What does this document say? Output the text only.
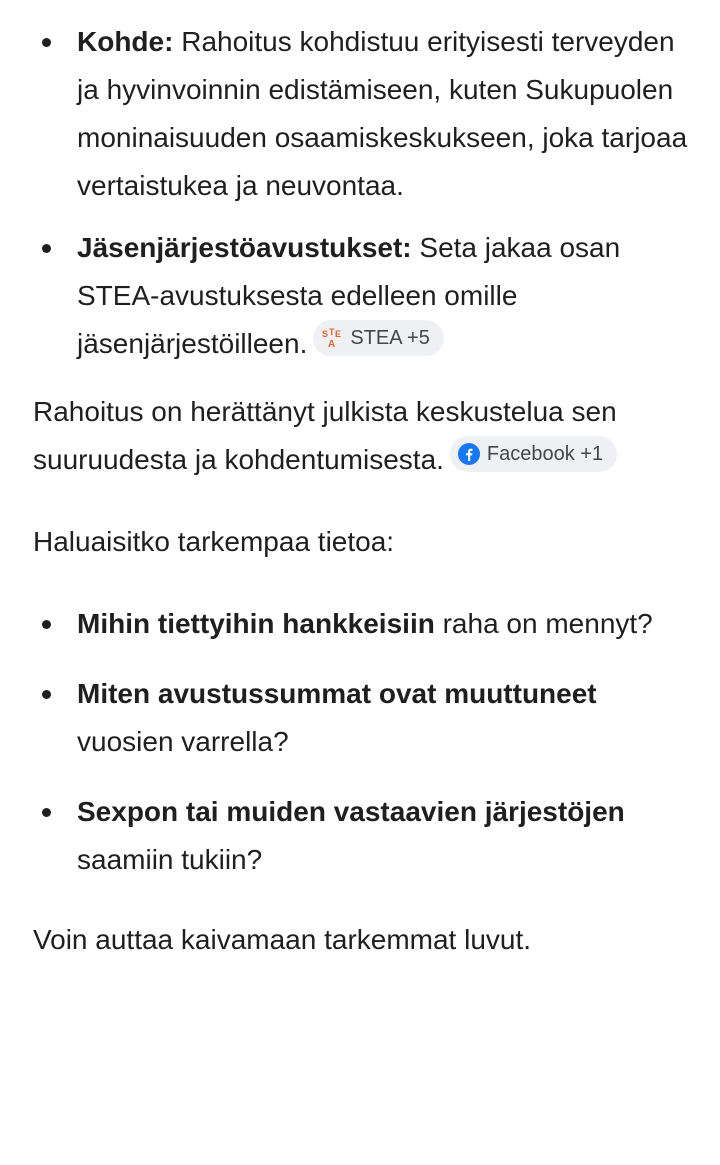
Kohde: Rahoitus kohdistuu erityisesti terveyden ja hyvinvoinnin edistämiseen, kuten Sukupuolen moninaisuuden osaamiskeskukseen, joka tarjoaa vertaistukea ja neuvontaa.
Jäsenjärjestöavustukset: Seta jakaa osan STEA-avustuksesta edelleen omille jäsenjärjestöilleen. S T E
A STEA +5

Rahoitus on herättänyt julkista keskustelua sen suuruudesta ja kohdentumisesta. Facebook +1

Haluaisitko tarkempaa tietoa:

Mihin tiettyihin hankkeisiin raha on mennyt?
Miten avustussummat ovat muuttuneet vuosien varrella?
Sexpon tai muiden vastaavien järjestöjen saamiin tukiin?

Voin auttaa kaivamaan tarkemmat luvut.
